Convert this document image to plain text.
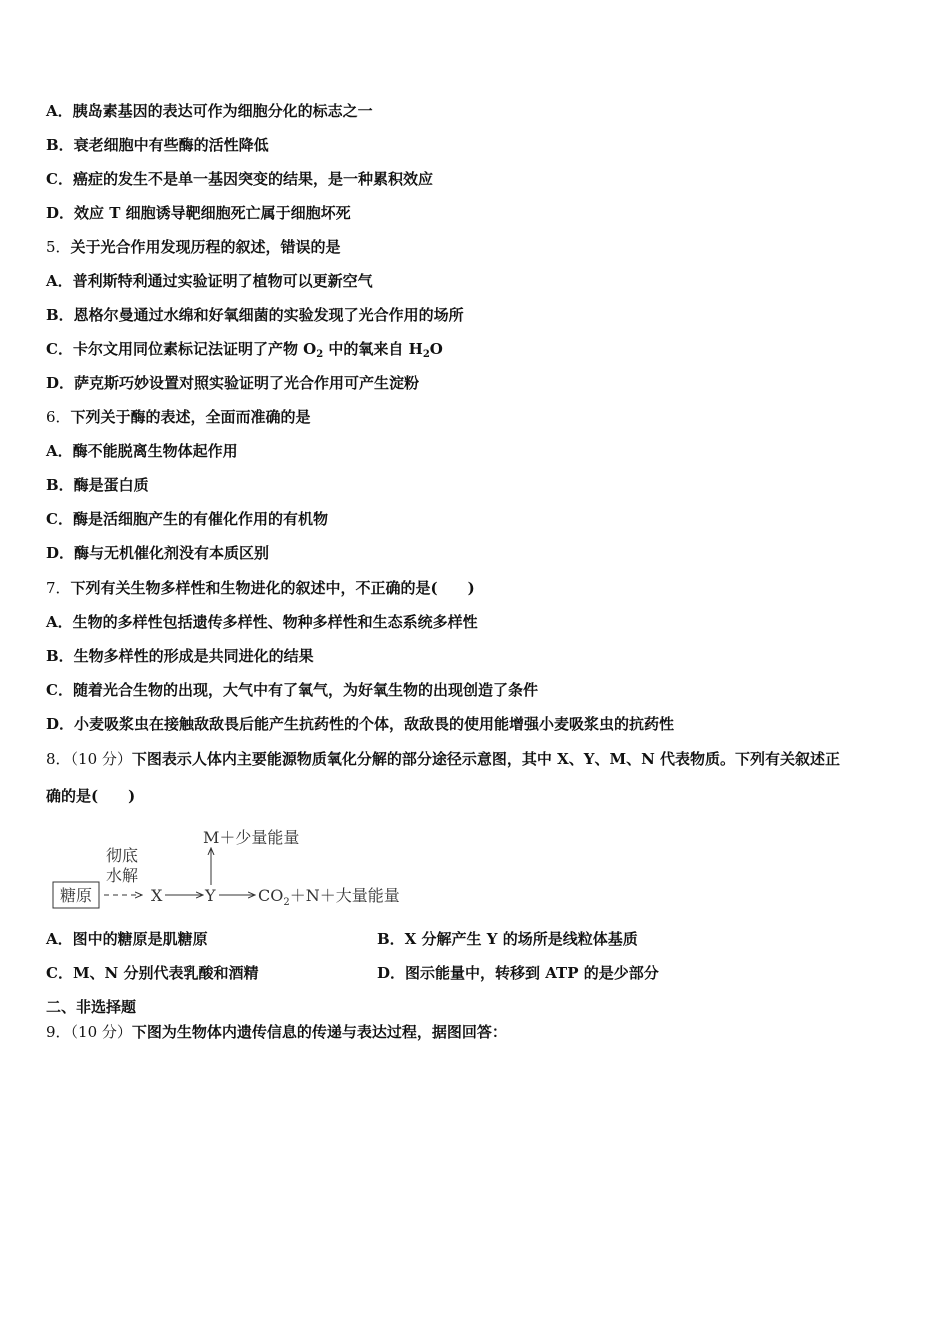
A．胰岛素基因的表达可作为细胞分化的标志之一
B．衰老细胞中有些酶的活性降低
C．癌症的发生不是单一基因突变的结果，是一种累积效应
D．效应 T 细胞诱导靶细胞死亡属于细胞坏死
5．关于光合作用发现历程的叙述，错误的是
A．普利斯特利通过实验证明了植物可以更新空气
B．恩格尔曼通过水绵和好氧细菌的实验发现了光合作用的场所
C．卡尔文用同位素标记法证明了产物 $O_2$ 中的氧来自 $H_2O$
D．萨克斯巧妙设置对照实验证明了光合作用可产生淀粉
6．下列关于酶的表述，全面而准确的是
A．酶不能脱离生物体起作用
B．酶是蛋白质
C．酶是活细胞产生的有催化作用的有机物
D．酶与无机催化剂没有本质区别
7．下列有关生物多样性和生物进化的叙述中，不正确的是(　　)
A．生物的多样性包括遗传多样性、物种多样性和生态系统多样性
B．生物多样性的形成是共同进化的结果
C．随着光合生物的出现，大气中有了氧气，为好氧生物的出现创造了条件
D．小麦吸浆虫在接触敌敌畏后能产生抗药性的个体，敌敌畏的使用能增强小麦吸浆虫的抗药性
8．（10 分）下图表示人体内主要能源物质氧化分解的部分途径示意图，其中 X、Y、M、N 代表物质。下列有关叙述正
确的是(　　)
糖原
彻底
水解
X	Y
M＋少量能量
$CO_2+N+$大量能量
A．图中的糖原是肌糖原	B．X 分解产生 Y 的场所是线粒体基质
C．M、N 分别代表乳酸和酒精	D．图示能量中，转移到 ATP 的是少部分
二、非选择题
9．（10 分）下图为生物体内遗传信息的传递与表达过程，据图回答：
